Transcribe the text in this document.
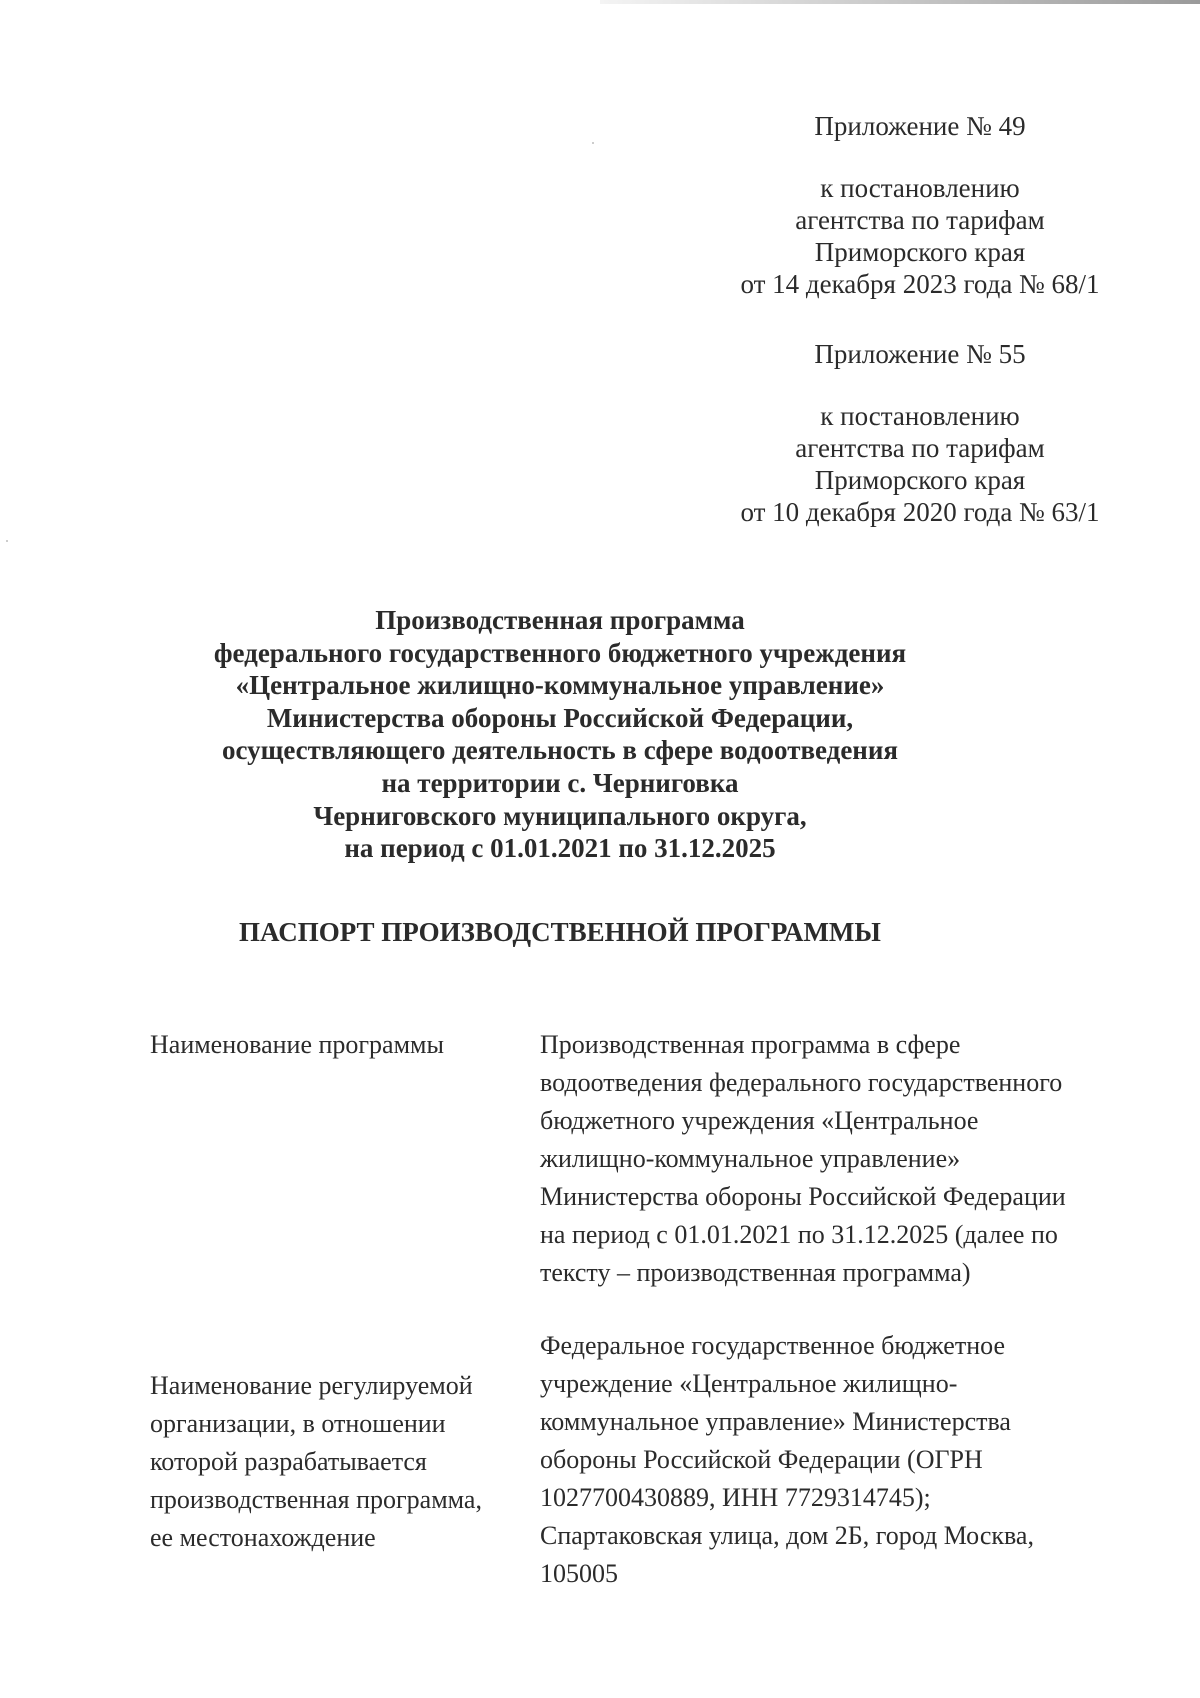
Приложение № 49
к постановлению
агентства по тарифам
Приморского края
от 14 декабря 2023 года № 68/1
Приложение № 55
к постановлению
агентства по тарифам
Приморского края
от 10 декабря 2020 года № 63/1
Производственная программа
федерального государственного бюджетного учреждения
«Центральное жилищно-коммунальное управление»
Министерства обороны Российской Федерации,
осуществляющего деятельность в сфере водоотведения
на территории с. Черниговка
Черниговского муниципального округа,
на период с 01.01.2021 по 31.12.2025
ПАСПОРТ ПРОИЗВОДСТВЕННОЙ ПРОГРАММЫ
Наименование программы	Производственная программа в сфере
водоотведения федерального государственного
бюджетного учреждения «Центральное
жилищно-коммунальное управление»
Министерства обороны Российской Федерации
на период с 01.01.2021 по 31.12.2025 (далее по
тексту – производственная программа)
Наименование регулируемой
организации, в отношении
которой разрабатывается
производственная программа,
ее местонахождение
Федеральное государственное бюджетное
учреждение «Центральное жилищно-
коммунальное управление» Министерства
обороны Российской Федерации (ОГРН
1027700430889, ИНН 7729314745);
Спартаковская улица, дом 2Б, город Москва,
105005
